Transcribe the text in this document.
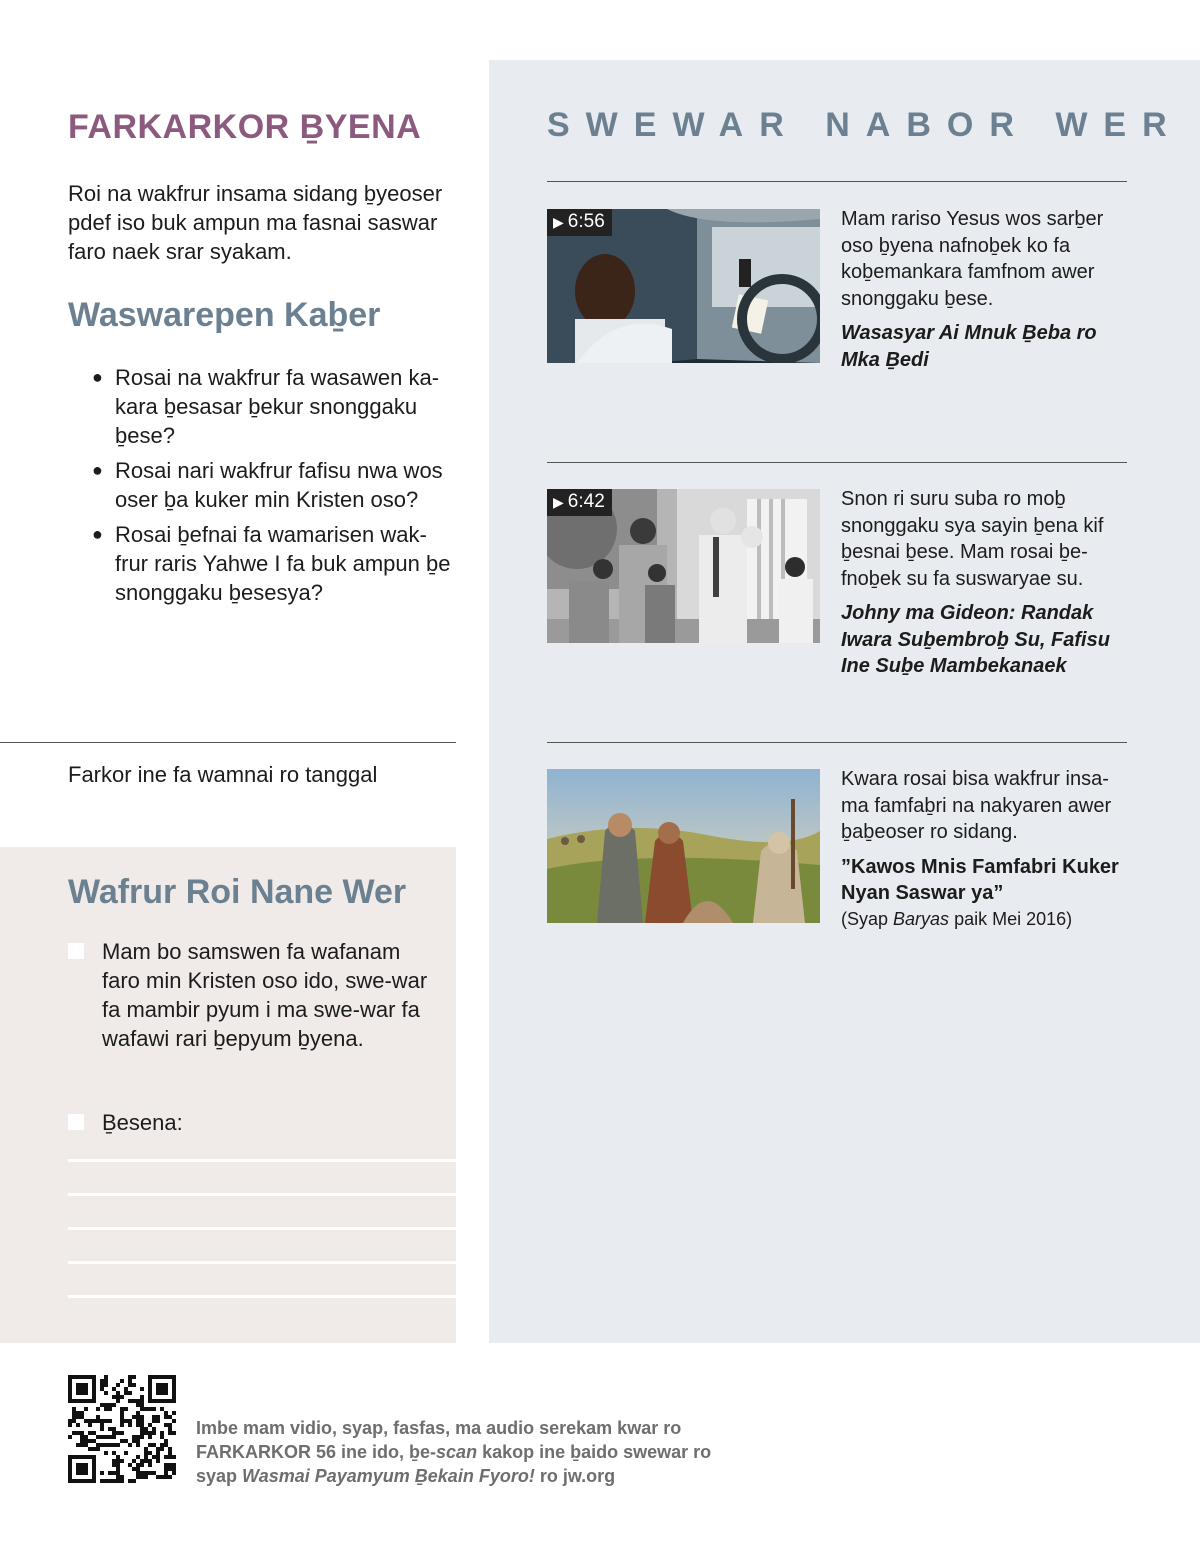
FARKARKOR ḆYENA

Roi na wakfrur insama sidang ḇyeoser pdef iso buk ampun ma fasnai saswar faro naek srar syakam.

Waswarepen Kaḇer
● Rosai na wakfrur fa wasawen ka-kara ḇesasar ḇekur snonggaku ḇese?
● Rosai nari wakfrur fafisu nwa wos oser ḇa kuker min Kristen oso?
● Rosai ḇefnai fa wamarisen wak-frur raris Yahwe I fa buk ampun ḇe snonggaku ḇesesya?
Farkor ine fa wamnai ro tanggal
Wafrur Roi Nane Wer
Mam bo samswen fa wafanam faro min Kristen oso ido, swe-war fa mambir pyum i ma swe-war fa wafawi rari ḇepyum ḇyena.
Ḇesena:
SWEWAR NABOR WER
▶ 6:56	Mam rariso Yesus wos sarḇer oso ḇyena nafnoḇek ko fa koḇemankara famfnom awer snonggaku ḇese.

Wasasyar Ai Mnuk Ḇeba ro Mka Ḇedi

▶ 6:42	Snon ri suru suba ro moḇ snonggaku sya sayin ḇena kif ḇesnai ḇese. Mam rosai ḇe-fnoḇek su fa suswaryae su.

Johny ma Gideon: Randak Iwara Suḇembroḇ Su, Fafisu Ine Suḇe Mambekanaek

Kwara rosai bisa wakfrur insa-ma famfaḇri na nakyaren awer ḇaḇeoser ro sidang.

”Kawos Mnis Famfabri Kuker Nyan Saswar ya”

(Syap Baryas paik Mei 2016)

Imbe mam vidio, syap, fasfas, ma audio serekam kwar ro FARKARKOR 56 ine ido, ḇe-scan kakop ine ḇaido swewar ro syap Wasmai Payamyum Ḇekain Fyoro! ro jw.org
